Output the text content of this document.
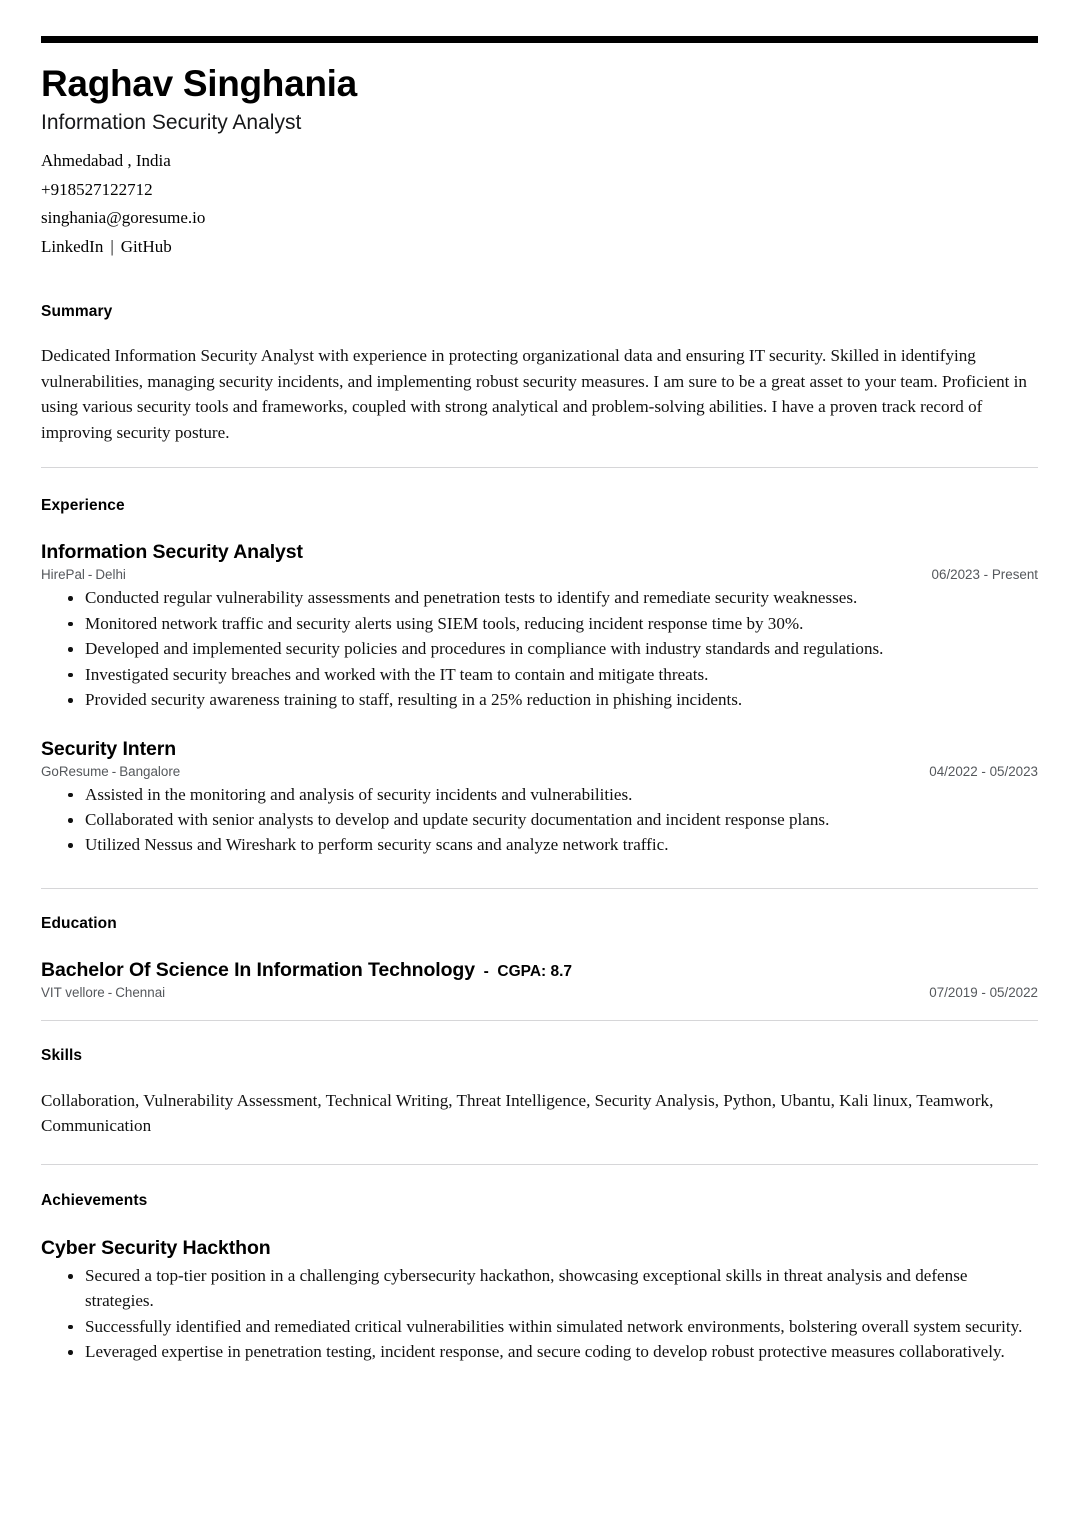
Raghav Singhania
Information Security Analyst
Ahmedabad , India
+918527122712
singhania@goresume.io
LinkedIn | GitHub
Summary

Dedicated Information Security Analyst with experience in protecting organizational data and ensuring IT security. Skilled in identifying vulnerabilities, managing security incidents, and implementing robust security measures. I am sure to be a great asset to your team. Proficient in using various security tools and frameworks, coupled with strong analytical and problem-solving abilities. I have a proven track record of improving security posture.

Experience
Information Security Analyst
HirePal - Delhi	06/2023 - Present
Conducted regular vulnerability assessments and penetration tests to identify and remediate security weaknesses.
Monitored network traffic and security alerts using SIEM tools, reducing incident response time by 30%.
Developed and implemented security policies and procedures in compliance with industry standards and regulations.
Investigated security breaches and worked with the IT team to contain and mitigate threats.
Provided security awareness training to staff, resulting in a 25% reduction in phishing incidents.
Security Intern
GoResume - Bangalore	04/2022 - 05/2023
Assisted in the monitoring and analysis of security incidents and vulnerabilities.
Collaborated with senior analysts to develop and update security documentation and incident response plans.
Utilized Nessus and Wireshark to perform security scans and analyze network traffic.
Education
Bachelor Of Science In Information Technology - CGPA: 8.7
VIT vellore - Chennai	07/2019 - 05/2022
Skills

Collaboration, Vulnerability Assessment, Technical Writing, Threat Intelligence, Security Analysis, Python, Ubantu, Kali linux, Teamwork, Communication

Achievements
Cyber Security Hackthon
Secured a top-tier position in a challenging cybersecurity hackathon, showcasing exceptional skills in threat analysis and defense strategies.
Successfully identified and remediated critical vulnerabilities within simulated network environments, bolstering overall system security.
Leveraged expertise in penetration testing, incident response, and secure coding to develop robust protective measures collaboratively.
